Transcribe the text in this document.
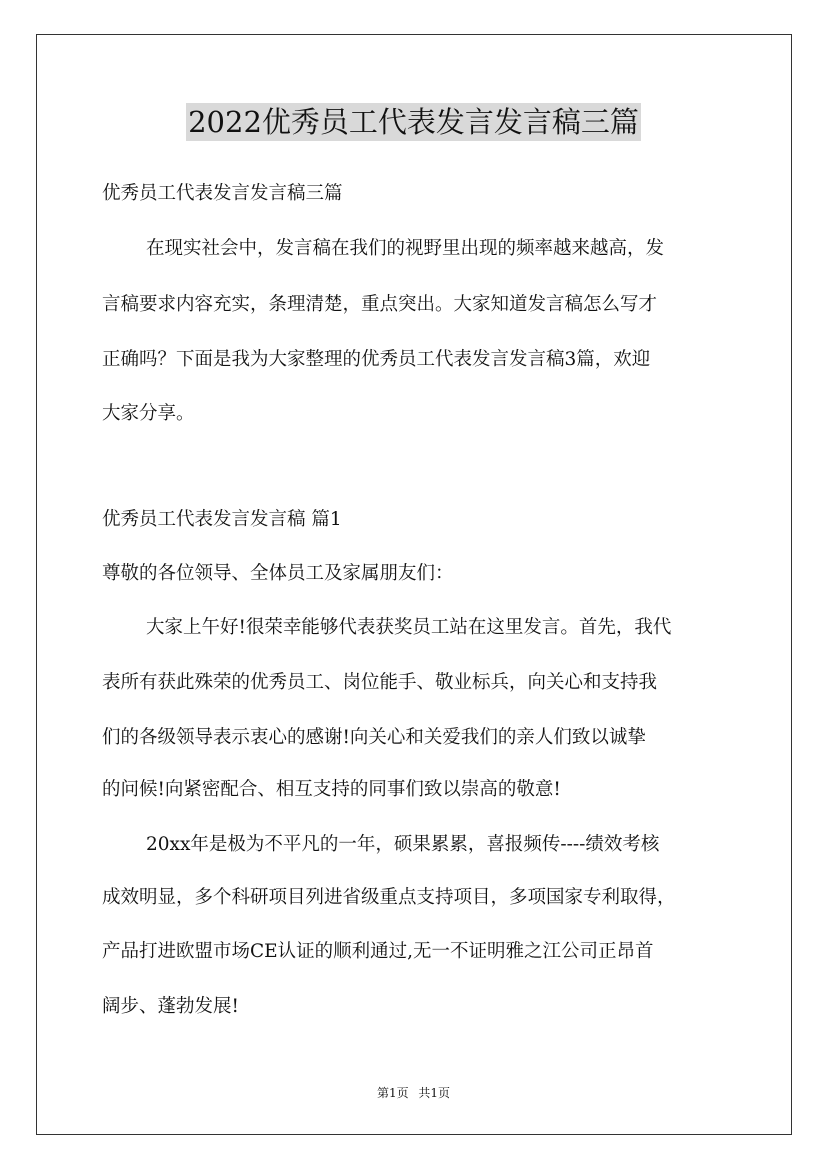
2022优秀员工代表发言发言稿三篇
优秀员工代表发言发言稿三篇
在现实社会中，发言稿在我们的视野里出现的频率越来越高，发
言稿要求内容充实，条理清楚，重点突出。大家知道发言稿怎么写才
正确吗？下面是我为大家整理的优秀员工代表发言发言稿3篇，欢迎
大家分享。
优秀员工代表发言发言稿 篇1
尊敬的各位领导、全体员工及家属朋友们：
大家上午好!很荣幸能够代表获奖员工站在这里发言。首先，我代
表所有获此殊荣的优秀员工、岗位能手、敬业标兵，向关心和支持我
们的各级领导表示衷心的感谢!向关心和关爱我们的亲人们致以诚挚
的问候!向紧密配合、相互支持的同事们致以崇高的敬意!
20xx年是极为不平凡的一年，硕果累累，喜报频传----绩效考核
成效明显，多个科研项目列进省级重点支持项目，多项国家专利取得，
产品打进欧盟市场CE认证的顺利通过,无一不证明雅之江公司正昂首
阔步、蓬勃发展!
第1页 共1页
